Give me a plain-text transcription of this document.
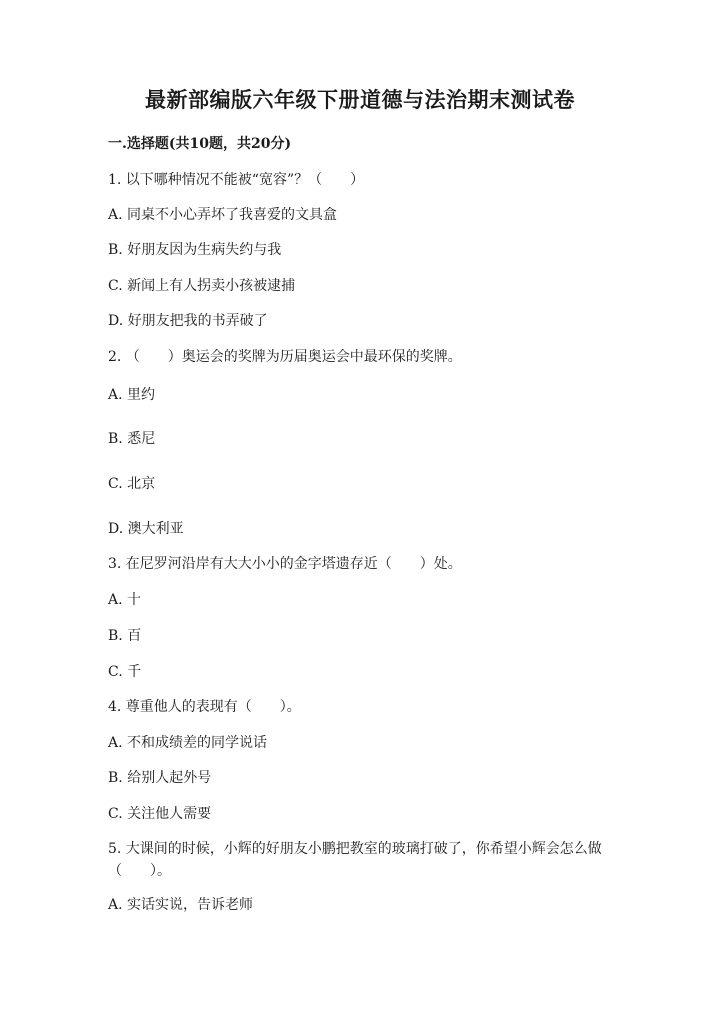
最新部编版六年级下册道德与法治期末测试卷
一.选择题(共10题，共20分)
1. 以下哪种情况不能被“宽容”？（　　）
A. 同桌不小心弄坏了我喜爱的文具盒
B. 好朋友因为生病失约与我
C. 新闻上有人拐卖小孩被逮捕
D. 好朋友把我的书弄破了
2. （　　）奥运会的奖牌为历届奥运会中最环保的奖牌。
A. 里约
B. 悉尼
C. 北京
D. 澳大利亚
3. 在尼罗河沿岸有大大小小的金字塔遗存近（　　）处。
A. 十
B. 百
C. 千
4. 尊重他人的表现有（　　）。
A. 不和成绩差的同学说话
B. 给别人起外号
C. 关注他人需要
5. 大课间的时候，小辉的好朋友小鹏把教室的玻璃打破了，你希望小辉会怎么做（　　）。
A. 实话实说，告诉老师
